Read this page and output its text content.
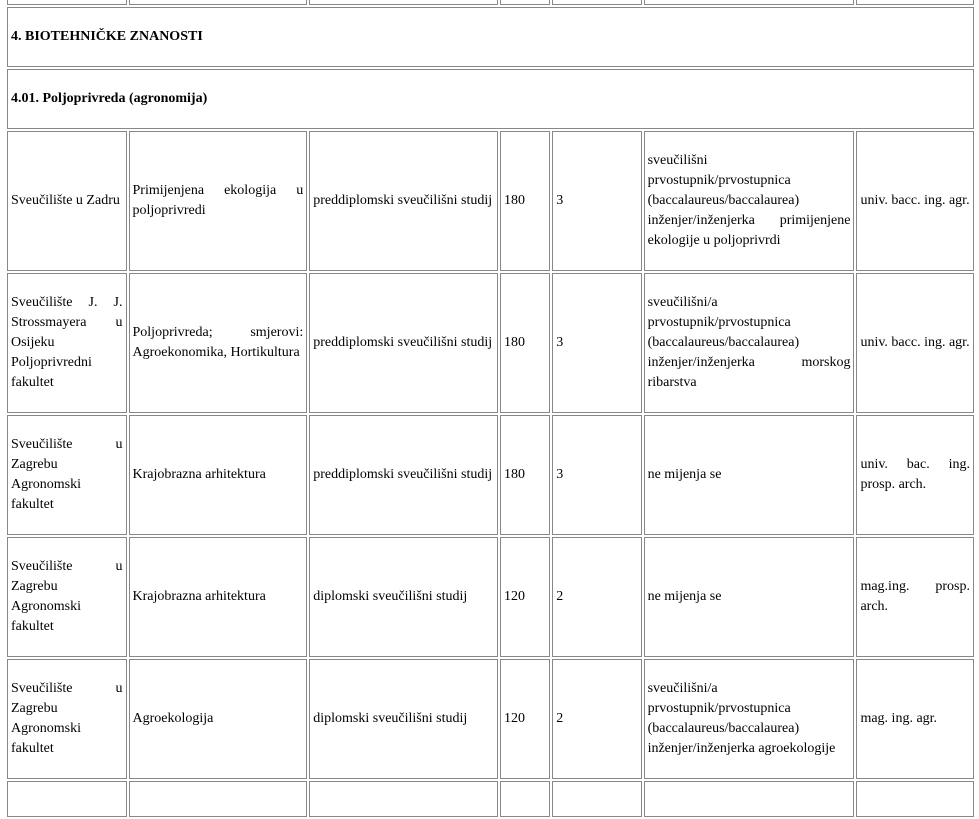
4. BIOTEHNIČKE ZNANOSTI						
4.01. Poljoprivreda (agronomija)						
Sveučilište u Zadru	Primijenjena ekologija u poljoprivredi	preddiplomski sveučilišni studij	180	3	sveučilišni prvostupnik/prvostupnica (baccalaureus/baccalaurea) inženjer/inženjerka primijenjene ekologije u poljoprivrdi	univ. bacc. ing. agr.
Sveučilište J. J. Strossmayera u Osijeku Poljoprivredni fakultet	Poljoprivreda; smjerovi: Agroekonomika, Hortikultura	preddiplomski sveučilišni studij	180	3	sveučilišni/a prvostupnik/prvostupnica (baccalaureus/baccalaurea) inženjer/inženjerka morskog ribarstva	univ. bacc. ing. agr.
Sveučilište u Zagrebu Agronomski fakultet	Krajobrazna arhitektura	preddiplomski sveučilišni studij	180	3	ne mijenja se	univ. bac. ing. prosp. arch.
Sveučilište u Zagrebu Agronomski fakultet	Krajobrazna arhitektura	diplomski sveučilišni studij	120	2	ne mijenja se	mag.ing. prosp. arch.
Sveučilište u Zagrebu Agronomski fakultet	Agroekologija	diplomski sveučilišni studij	120	2	sveučilišni/a prvostupnik/prvostupnica (baccalaureus/baccalaurea) inženjer/inženjerka agroekologije	mag. ing. agr.
